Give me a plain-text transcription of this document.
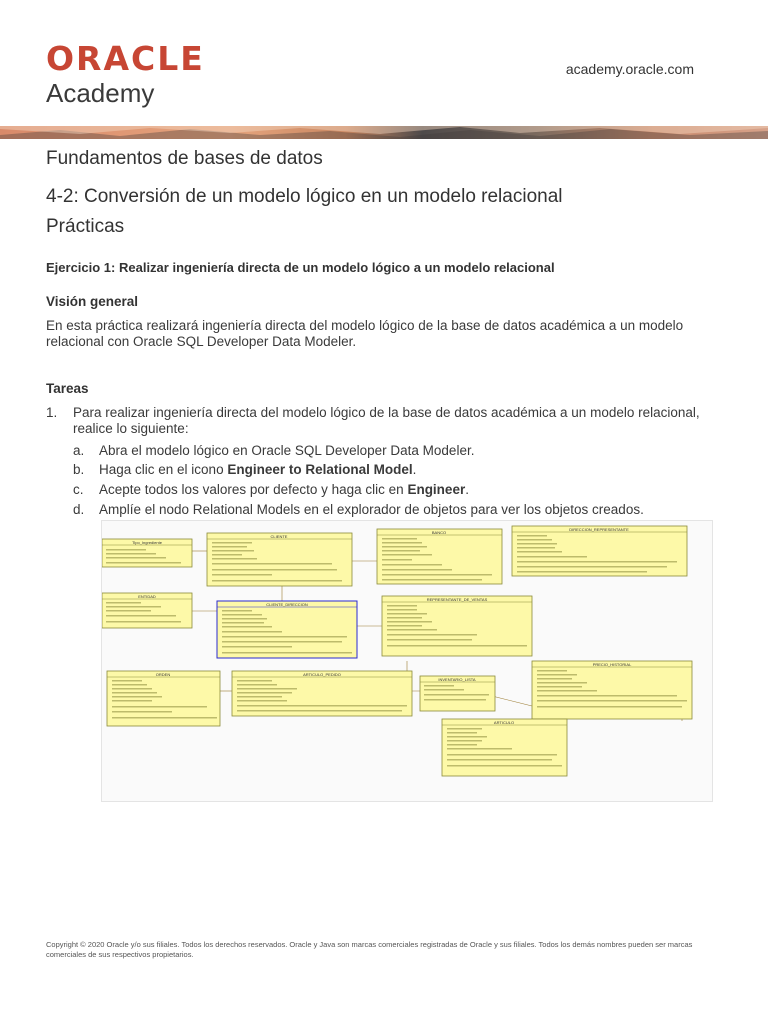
ORACLE
Academy
academy.oracle.com
Fundamentos de bases de datos
4-2: Conversión de un modelo lógico en un modelo relacional
Prácticas
Ejercicio 1: Realizar ingeniería directa de un modelo lógico a un modelo relacional
Visión general
En esta práctica realizará ingeniería directa del modelo lógico de la base de datos académica a un modelo relacional con Oracle SQL Developer Data Modeler.
Tareas
1. Para realizar ingeniería directa del modelo lógico de la base de datos académica a un modelo relacional,
realice lo siguiente:
a. Abra el modelo lógico en Oracle SQL Developer Data Modeler.
b. Haga clic en el icono Engineer to Relational Model.
c. Acepte todos los valores por defecto y haga clic en Engineer.
d. Amplíe el nodo Relational Models en el explorador de objetos para ver los objetos creados.
Tipo_Ingrediente
CLIENTE
BANCO
DIRECCION_REPRESENTANTE
ENTIDAD
CLIENTE_DIRECCION
REPRESENTANTE_DE_VENTAS
ORDEN	ARTICULO_PEDIDO
INVENTARIO_LISTA
PRECIO_HISTORIAL
ARTICULO
Copyright © 2020 Oracle y/o sus filiales. Todos los derechos reservados. Oracle y Java son marcas comerciales registradas de Oracle y sus filiales. Todos los demás nombres pueden ser marcas comerciales de sus respectivos propietarios.
